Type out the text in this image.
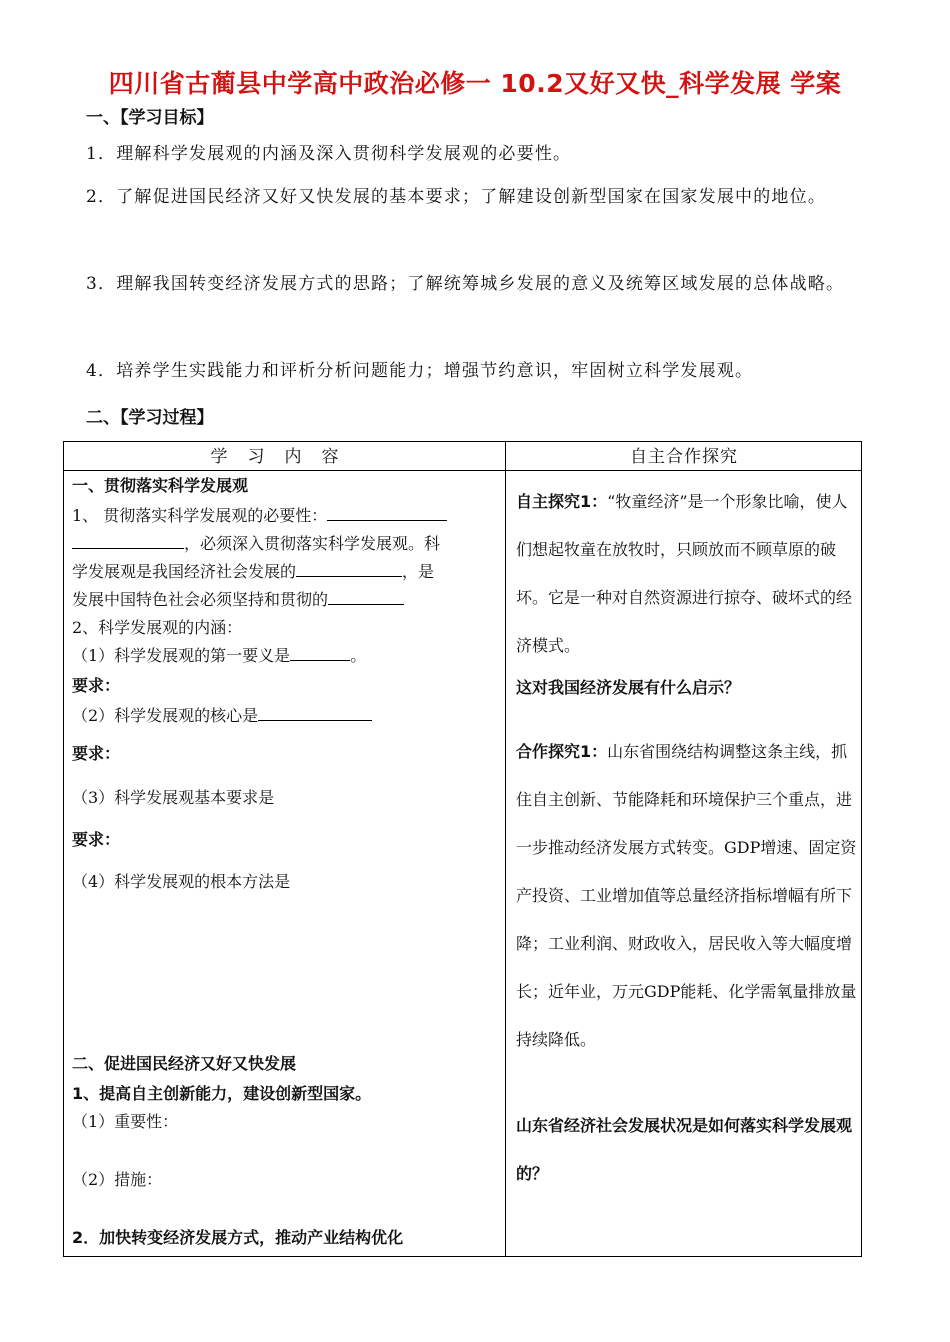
四川省古蔺县中学高中政治必修一 10.2又好又快_科学发展 学案
一、【学习目标】
1．理解科学发展观的内涵及深入贯彻科学发展观的必要性。
2．了解促进国民经济又好又快发展的基本要求；了解建设创新型国家在国家发展中的地位。
3．理解我国转变经济发展方式的思路；了解统筹城乡发展的意义及统筹区域发展的总体战略。
4．培养学生实践能力和评析分析问题能力；增强节约意识，牢固树立科学发展观。
二、【学习过程】
学习内容	自主合作探究
一、贯彻落实科学发展观
1、 贯彻落实科学发展观的必要性：
，必须深入贯彻落实科学发展观。科
学发展观是我国经济社会发展的	，是
发展中国特色社会必须坚持和贯彻的
2、科学发展观的内涵：
（1）科学发展观的第一要义是	。
要求：
（2）科学发展观的核心是
要求：
（3）科学发展观基本要求是
要求：
（4）科学发展观的根本方法是
二、促进国民经济又好又快发展
1、提高自主创新能力，建设创新型国家。
（1）重要性：
（2）措施：
2．加快转变经济发展方式，推动产业结构优化
自主探究1：“牧童经济”是一个形象比喻，使人们想起牧童在放牧时，只顾放而不顾草原的破坏。它是一种对自然资源进行掠夺、破坏式的经济模式。
这对我国经济发展有什么启示？
合作探究1：山东省围绕结构调整这条主线，抓住自主创新、节能降耗和环境保护三个重点，进一步推动经济发展方式转变。GDP增速、固定资产投资、工业增加值等总量经济指标增幅有所下降；工业利润、财政收入，居民收入等大幅度增长；近年业，万元GDP能耗、化学需氧量排放量持续降低。
山东省经济社会发展状况是如何落实科学发展观的？
